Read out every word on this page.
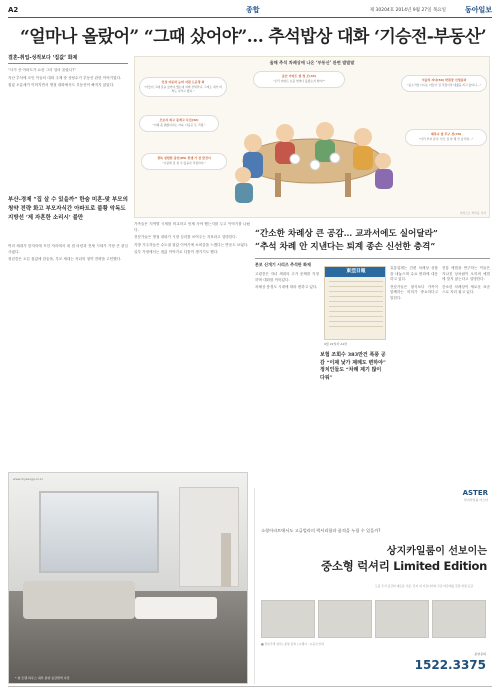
A2	종합	제 30204호 2014년 9월 27일 목요일	동아일보
“얼마나 올랐어” “그때 샀어야”… 추석밥상 대화 ‘기승전-부동산’
결혼-취업-성적보다 ‘집값’ 화제

“너가 산 아파트가 요즘 그리 얼마 올랐니?”

지난 추석에 모인 이들의 대화 주제 중 상당수가 부동산 관련 이야기였다.

집값 오름세가 이어지면서 명절 대화에서도 부동산이 빠지지 않았다.

부산-경제 “집 살 수 있을까” 한숨 미혼-맞 부모의 청약 전략 화고 부모자식간 아파트로 불황 악독도 지방선 ‘제 자혼한 소리시’ 불만

여러 세대가 한자리에 모인 자리에서 내 집 마련과 전세 시세가 가장 큰 관심사였다.

청년층은 오른 집값에 한숨을, 부모 세대는 자녀의 청약 전략을 고민했다.

가족들은 지역별 시세를 비교하고 언제 사야 했는지를 두고 이야기를 나눴다.

전문가들은 명절 대화가 시장 심리를 보여주는 지표라고 설명한다.

지방 거주자들은 수도권 집값 이야기에 소외감을 느꼈다는 반응도 보였다.

일부 가정에서는 집값 이야기로 다툼이 생기기도 했다.

올해 추석 차례상에 나온 ‘부동산’ 관련 발발말
인상 여론과 능력 지원 도운경 외
“아들이 그때 집을 샀어야 했는데 여태 전세라니, 그래도 내가 비싸도 사라고 했지.”
모로지 최고 중계고 사진(32)
“이제 좀 괜찮아지는 거냐, 다음은 또 걱정.”
경북 성현한 중인(85) 학생 가 장 맞건이
“나중에 집 살 수 있을지 걱정이야.”
울산 아파트 빌 청 모(43)
“우리 아파트 요즘 얼마나 올랐는지 알아?”	서울의 자녀(50) 학원장 선생님과
“중소기업 다니는 아들이 집 걱정이라 대출을 끼고 샀더니…”
제목나 빌 주구 전(70)
“다리 부자 같다, 부모 집 한 채 안 남기면…”
일러스트 박진웅 기자
“간소한 차례상 큰 공감… 교과서에도 실어달라”
“추석 차례 안 지낸다는 퇴계 종손 신선한 충격”
본보 신개기 시리즈 추석판 화제

고령층은 자녀 세대의 주거 문제를 걱정하며 대화를 이어갔다.

차례상 풍경도 시대에 따라 변하고 있다.

東亞日報
9월 22일자 A1면
보험 조회수 383만건 폭풍 공감 “이제 낯가 제례도 변하야” 정치인들도 “차례 제기 많이 다워”

유통업계는 간편 차례상 상품을 내놓으며 수요 변화에 대응하고 있다.

전문가들은 형식보다 가족이 함께하는 의미가 중요하다고 말한다.

전통 예법을 연구하는 이들은 지나친 상차림이 오히려 예법에 맞지 않는다고 설명한다.

간소한 차례상이 새로운 표준으로 자리 잡고 있다.

www.mysangji.co.kr
* 위 모델 하우스 내부 분양 공급면적 사진
ASTER
상지카일룸 아스터
소형아파트에서도 고급빌라의 럭셔리함과 품격을 누릴 수 있을까?
상지카일룸이 선보이는
중소형 럭셔리 Limited Edition
도심 주거 공간의 새로운 기준, 단지 내 커뮤니티와 고급 마감재를 갖춘 한정 공급
■ 견본주택 위치 | 분양 문의 | 시행사 · 시공사 안내
분양문의
1522.3375
